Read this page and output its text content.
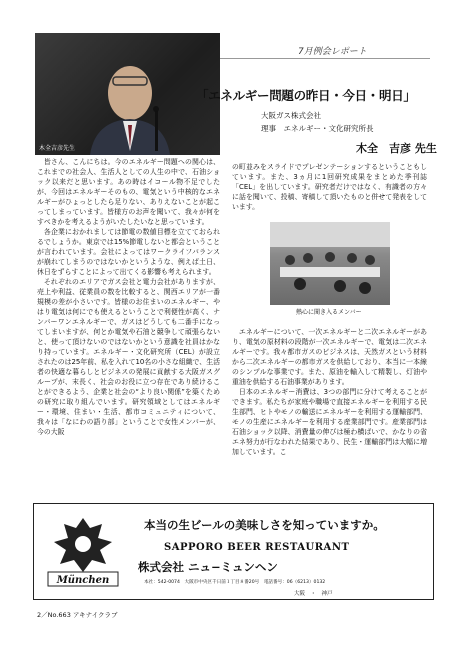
木全吉彦先生
7月例会レポート
「エネルギー問題の昨日・今日・明日」
大阪ガス株式会社
理事　エネルギー・文化研究所長
木全　吉彦 先生

皆さん、こんにちは。今のエネルギー問題への関心は、これまでの社会人、生活人としての人生の中で、石油ショック以来だと思います。あの時はイコール物不足でしたが、今回はエネルギーそのもの、電気という中核的なエネルギーがひょっとしたら足りない、ありえないことが起こってしまっています。皆様方のお声を聞いて、我々が何をすべきかを考えるようがいたしたいなと思っています。

各企業におかれましては節電の数値目標を立てておられるでしょうか。東京では15%節電しないと都会ということが言われています。会社によってはワークライフバランスが崩れてしまうのではないかというような、例えば土日、休日をずらすことによって出てくる影響も考えられます。

それぞれのエリアでガス会社と電力会社がありますが、売上や利益、従業員の数を比較すると、関西エリアが一番規模の差が小さいです。皆様のお住まいのエネルギー、やはり電気は何にでも使えるということで利便性が高く、ナンバーワンエネルギーで、ガスはどうしても二番手になってしまいますが、何とか電気や石油と競争して頑張らないと、使って頂けないのではないかという意識を社員はかなり持っています。エネルギー・文化研究所（CEL）が設立されたのは25年前、私を入れて10名の小さな組織で、生活者の快適な暮らしとビジネスの発展に貢献する大阪ガスグループが、末長く、社会のお役に立つ存在であり続けることができるよう、企業と社会の“より良い関係”を築くための研究に取り組んでいます。研究領域としてはエネルギー・環境、住まい・生活、都市コミュニティについて、我々は「なにわの語り部」ということで女性メンバーが、今の大阪

の町並みをスライドでプレゼンテーションするということもしています。また、3ヵ月に1回研究成果をまとめた季刊誌「CEL」を出しています。研究者だけではなく、有識者の方々に話を聞いて、投稿、寄稿して頂いたものと併せて発表をしています。

エネルギーについて、一次エネルギーと二次エネルギーがあり、電気の原材料の段階が一次エネルギーで、電気は二次エネルギーです。我々都市ガスのビジネスは、天然ガスという材料から二次エネルギーの都市ガスを供給しており、本当に一本線のシンプルな事業です。また、原油を輸入して精製し、灯油や重油を供給する石油事業があります。

日本のエネルギー消費は、3つの部門に分けて考えることができます。私たちが家庭や職場で直接エネルギーを利用する民生部門、ヒトやモノの輸送にエネルギーを利用する運輸部門、モノの生産にエネルギーを利用する産業部門です。産業部門は石油ショック以降、消費量の伸びは極わ横ばいで、かなりの省エネ努力が行なわれた結果であり、民生・運輸部門は大幅に増加しています。こ

熱心に聞き入るメンバー
München
本当の生ビールの美味しさを知っていますか。
SAPPORO BEER RESTAURANT
株式会社 ニュ−ミュンヘン
本社：542-0074　大阪市中央区千日前１丁目８番20号　電話番号：06（6213）0132
大阪　・　神戸
2／No.663 アキナイクラブ
